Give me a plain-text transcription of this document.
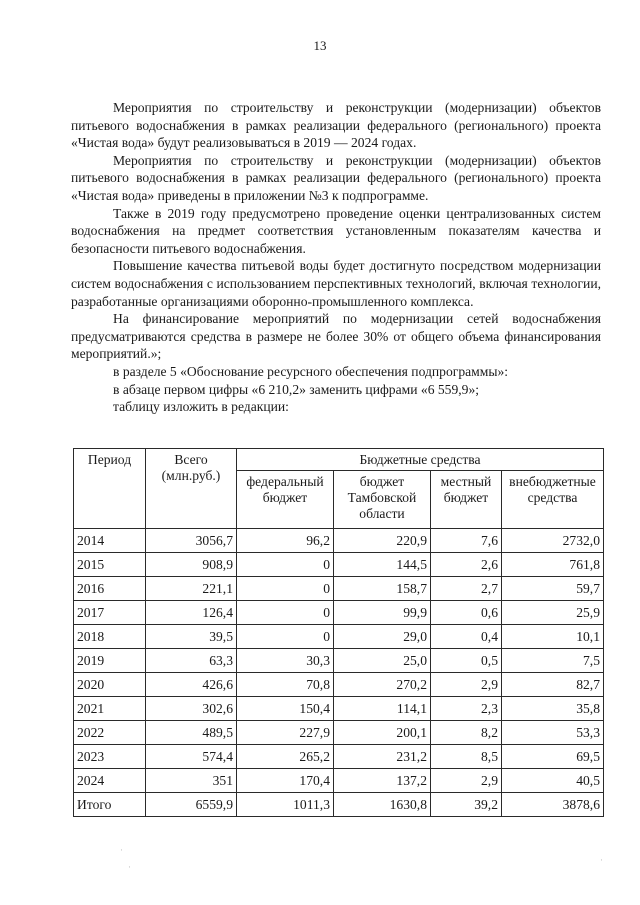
13

Мероприятия по строительству и реконструкции (модернизации) объектов питьевого водоснабжения в рамках реализации федерального (регионального) проекта «Чистая вода» будут реализовываться в 2019 — 2024 годах.

Мероприятия по строительству и реконструкции (модернизации) объектов питьевого водоснабжения в рамках реализации федерального (регионального) проекта «Чистая вода» приведены в приложении №3 к подпрограмме.

Также в 2019 году предусмотрено проведение оценки централизованных систем водоснабжения на предмет соответствия установленным показателям качества и безопасности питьевого водоснабжения.

Повышение качества питьевой воды будет достигнуто посредством модернизации систем водоснабжения с использованием перспективных технологий, включая технологии, разработанные организациями оборонно-промышленного комплекса.

На финансирование мероприятий по модернизации сетей водоснабжения предусматриваются средства в размере не более 30% от общего объема финансирования мероприятий.»;

в разделе 5 «Обоснование ресурсного обеспечения подпрограммы»:

в абзаце первом цифры «6 210,2» заменить цифрами «6 559,9»;

таблицу изложить в редакции:

Период	Всего (млн.руб.)	Бюджетные средства			
		федеральный бюджет	бюджет Тамбовской области	местный бюджет	внебюджетные средства
2014	3056,7	96,2	220,9	7,6	2732,0
2015	908,9	0	144,5	2,6	761,8
2016	221,1	0	158,7	2,7	59,7
2017	126,4	0	99,9	0,6	25,9
2018	39,5	0	29,0	0,4	10,1
2019	63,3	30,3	25,0	0,5	7,5
2020	426,6	70,8	270,2	2,9	82,7
2021	302,6	150,4	114,1	2,3	35,8
2022	489,5	227,9	200,1	8,2	53,3
2023	574,4	265,2	231,2	8,5	69,5
2024	351	170,4	137,2	2,9	40,5
Итого	6559,9	1011,3	1630,8	39,2	3878,6
·
·
·
